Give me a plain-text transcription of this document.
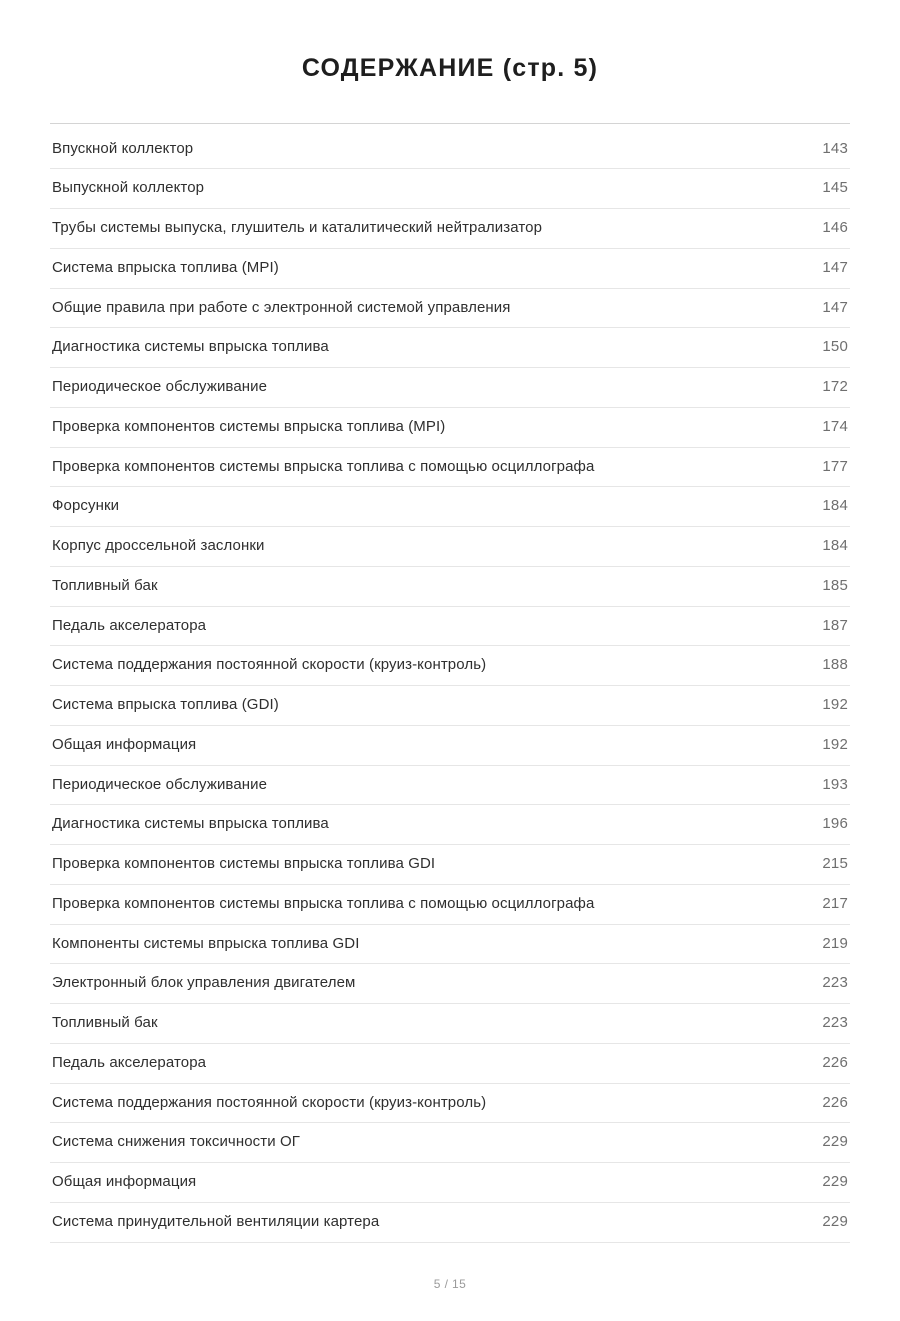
СОДЕРЖАНИЕ (стр. 5)
Впускной коллектор	143
Выпускной коллектор	145
Трубы системы выпуска, глушитель и каталитический нейтрализатор	146
Система впрыска топлива (MPI)	147
Общие правила при работе с электронной системой управления	147
Диагностика системы впрыска топлива	150
Периодическое обслуживание	172
Проверка компонентов системы впрыска топлива (MPI)	174
Проверка компонентов системы впрыска топлива с помощью осциллографа	177
Форсунки	184
Корпус дроссельной заслонки	184
Топливный бак	185
Педаль акселератора	187
Система поддержания постоянной скорости (круиз-контроль)	188
Система впрыска топлива (GDI)	192
Общая информация	192
Периодическое обслуживание	193
Диагностика системы впрыска топлива	196
Проверка компонентов системы впрыска топлива GDI	215
Проверка компонентов системы впрыска топлива с помощью осциллографа	217
Компоненты системы впрыска топлива GDI	219
Электронный блок управления двигателем	223
Топливный бак	223
Педаль акселератора	226
Система поддержания постоянной скорости (круиз-контроль)	226
Система снижения токсичности ОГ	229
Общая информация	229
Система принудительной вентиляции картера	229
5 / 15
